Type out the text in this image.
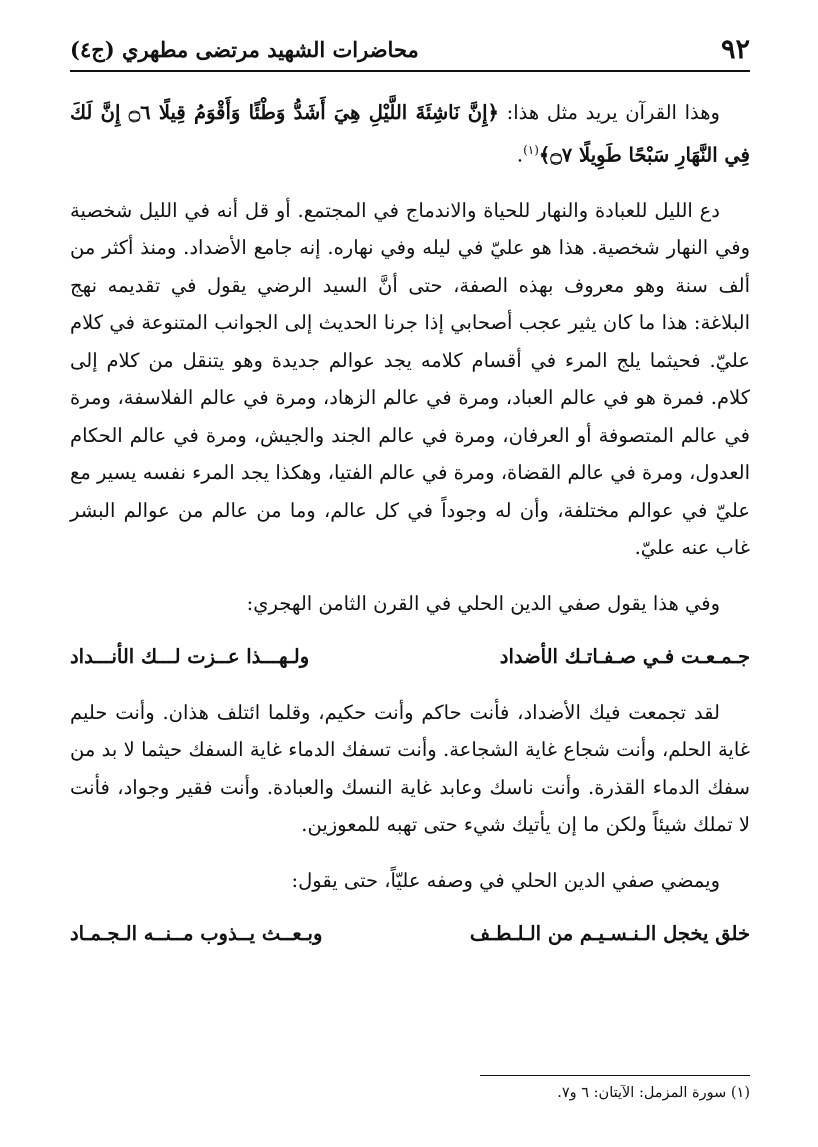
٩٢
محاضرات الشهيد مرتضى مطهري (ج٤)

وهذا القرآن يريد مثل هذا: ﴿إِنَّ نَاشِئَةَ اللَّيْلِ هِيَ أَشَدُّ وَطْئًا وَأَقْوَمُ قِيلًا ۝٦ إِنَّ لَكَ فِي النَّهَارِ سَبْحًا طَوِيلًا ۝٧﴾$^{(١)}$.

دع الليل للعبادة والنهار للحياة والاندماج في المجتمع. أو قل أنه في الليل شخصية وفي النهار شخصية. هذا هو عليّ في ليله وفي نهاره. إنه جامع الأضداد. ومنذ أكثر من ألف سنة وهو معروف بهذه الصفة، حتى أنَّ السيد الرضي يقول في تقديمه نهج البلاغة: هذا ما كان يثير عجب أصحابي إذا جرنا الحديث إلى الجوانب المتنوعة في كلام عليّ. فحيثما يلج المرء في أقسام كلامه يجد عوالم جديدة وهو يتنقل من كلام إلى كلام. فمرة هو في عالم العباد، ومرة في عالم الزهاد، ومرة في عالم الفلاسفة، ومرة في عالم المتصوفة أو العرفان، ومرة في عالم الجند والجيش، ومرة في عالم الحكام العدول، ومرة في عالم القضاة، ومرة في عالم الفتيا، وهكذا يجد المرء نفسه يسير مع عليّ في عوالم مختلفة، وأن له وجوداً في كل عالم، وما من عالم من عوالم البشر غاب عنه عليّ.

وفي هذا يقول صفي الدين الحلي في القرن الثامن الهجري:

جـمـعـت فـي صـفـاتـك الأضداد
ولـهـــذا عــزت لـــك الأنـــداد

لقد تجمعت فيك الأضداد، فأنت حاكم وأنت حكيم، وقلما ائتلف هذان. وأنت حليم غاية الحلم، وأنت شجاع غاية الشجاعة. وأنت تسفك الدماء غاية السفك حيثما لا بد من سفك الدماء القذرة. وأنت ناسك وعابد غاية النسك والعبادة. وأنت فقير وجواد، فأنت لا تملك شيئاً ولكن ما إن يأتيك شيء حتى تهبه للمعوزين.

ويمضي صفي الدين الحلي في وصفه عليّاً، حتى يقول:

خلق يخجل الـنـسـيـم من الـلـطـف
وبـعــث يــذوب مــنــه الـجـمـاد
(١) سورة المزمل: الآيتان: ٦ و٧.
